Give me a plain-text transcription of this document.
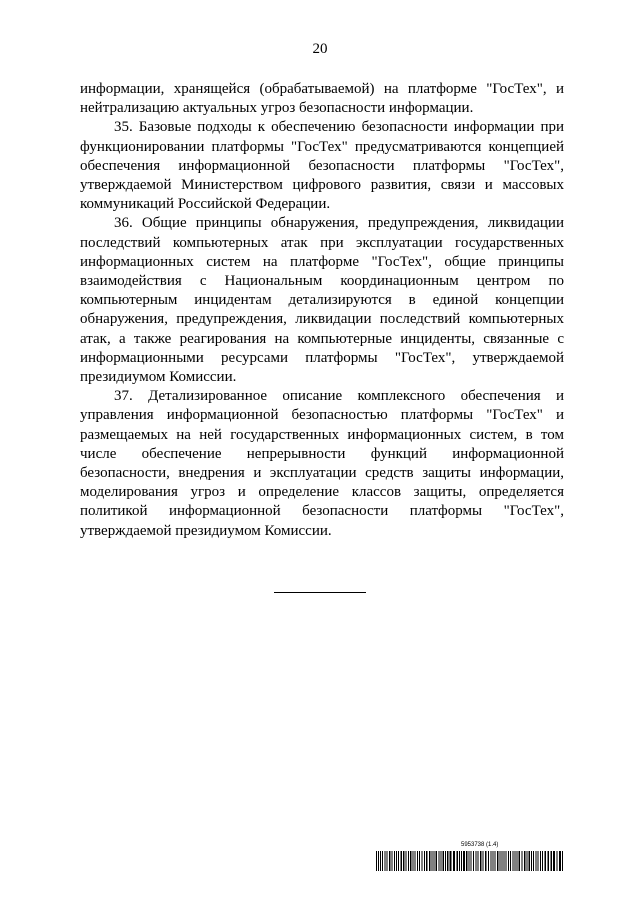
20

информации, хранящейся (обрабатываемой) на платформе "ГосТех", и нейтрализацию актуальных угроз безопасности информации.

35. Базовые подходы к обеспечению безопасности информации при функционировании платформы "ГосТех" предусматриваются концепцией обеспечения информационной безопасности платформы "ГосТех", утверждаемой Министерством цифрового развития, связи и массовых коммуникаций Российской Федерации.

36. Общие принципы обнаружения, предупреждения, ликвидации последствий компьютерных атак при эксплуатации государственных информационных систем на платформе "ГосТех", общие принципы взаимодействия с Национальным координационным центром по компьютерным инцидентам детализируются в единой концепции обнаружения, предупреждения, ликвидации последствий компьютерных атак, а также реагирования на компьютерные инциденты, связанные с информационными ресурсами платформы "ГосТех", утверждаемой президиумом Комиссии.

37. Детализированное описание комплексного обеспечения и управления информационной безопасностью платформы "ГосТех" и размещаемых на ней государственных информационных систем, в том числе обеспечение непрерывности функций информационной безопасности, внедрения и эксплуатации средств защиты информации, моделирования угроз и определение классов защиты, определяется политикой информационной безопасности платформы "ГосТех", утверждаемой президиумом Комиссии.

5953738 (1.4)
